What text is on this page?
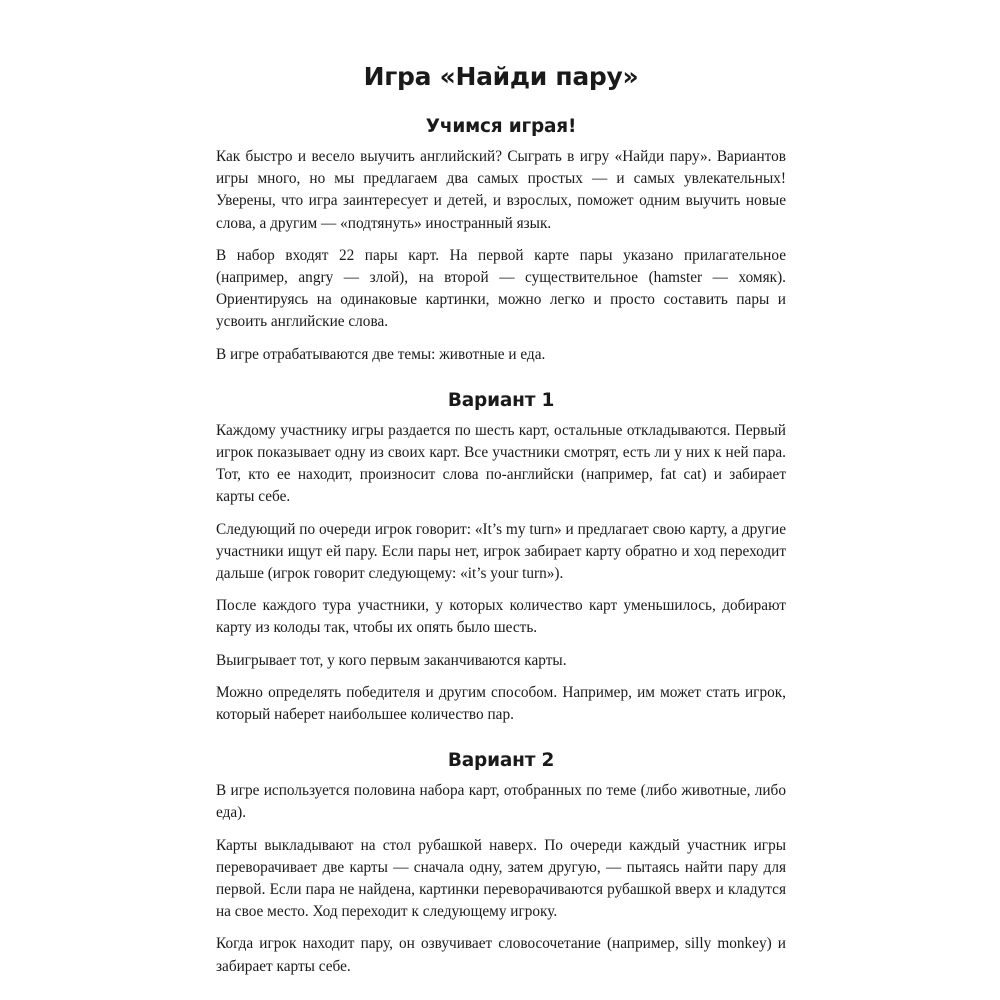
Игра «Найди пару»
Учимся играя!

Как быстро и весело выучить английский? Сыграть в игру «Найди пару». Вариантов игры много, но мы предлагаем два самых простых — и самых увлекательных! Уверены, что игра заинтересует и детей, и взрослых, поможет одним выучить новые слова, а другим — «подтянуть» иностранный язык.

В набор входят 22 пары карт. На первой карте пары указано прилагательное (например, angry — злой), на второй — существительное (hamster — хомяк). Ориентируясь на одинаковые картинки, можно легко и просто составить пары и усвоить английские слова.

В игре отрабатываются две темы: животные и еда.

Вариант 1

Каждому участнику игры раздается по шесть карт, остальные откладываются. Первый игрок показывает одну из своих карт. Все участники смотрят, есть ли у них к ней пара. Тот, кто ее находит, произносит слова по-английски (например, fat cat) и забирает карты себе.

Следующий по очереди игрок говорит: «It’s my turn» и предлагает свою карту, а другие участники ищут ей пару. Если пары нет, игрок забирает карту обратно и ход переходит дальше (игрок говорит следующему: «it’s your turn»).

После каждого тура участники, у которых количество карт уменьшилось, добирают карту из колоды так, чтобы их опять было шесть.

Выигрывает тот, у кого первым заканчиваются карты.

Можно определять победителя и другим способом. Например, им может стать игрок, который наберет наибольшее количество пар.

Вариант 2

В игре используется половина набора карт, отобранных по теме (либо животные, либо еда).

Карты выкладывают на стол рубашкой наверх. По очереди каждый участник игры переворачивает две карты — сначала одну, затем другую, — пытаясь найти пару для первой. Если пара не найдена, картинки переворачиваются рубашкой вверх и кладутся на свое место. Ход переходит к следующему игроку.

Когда игрок находит пару, он озвучивает словосочетание (например, silly monkey) и забирает карты себе.
